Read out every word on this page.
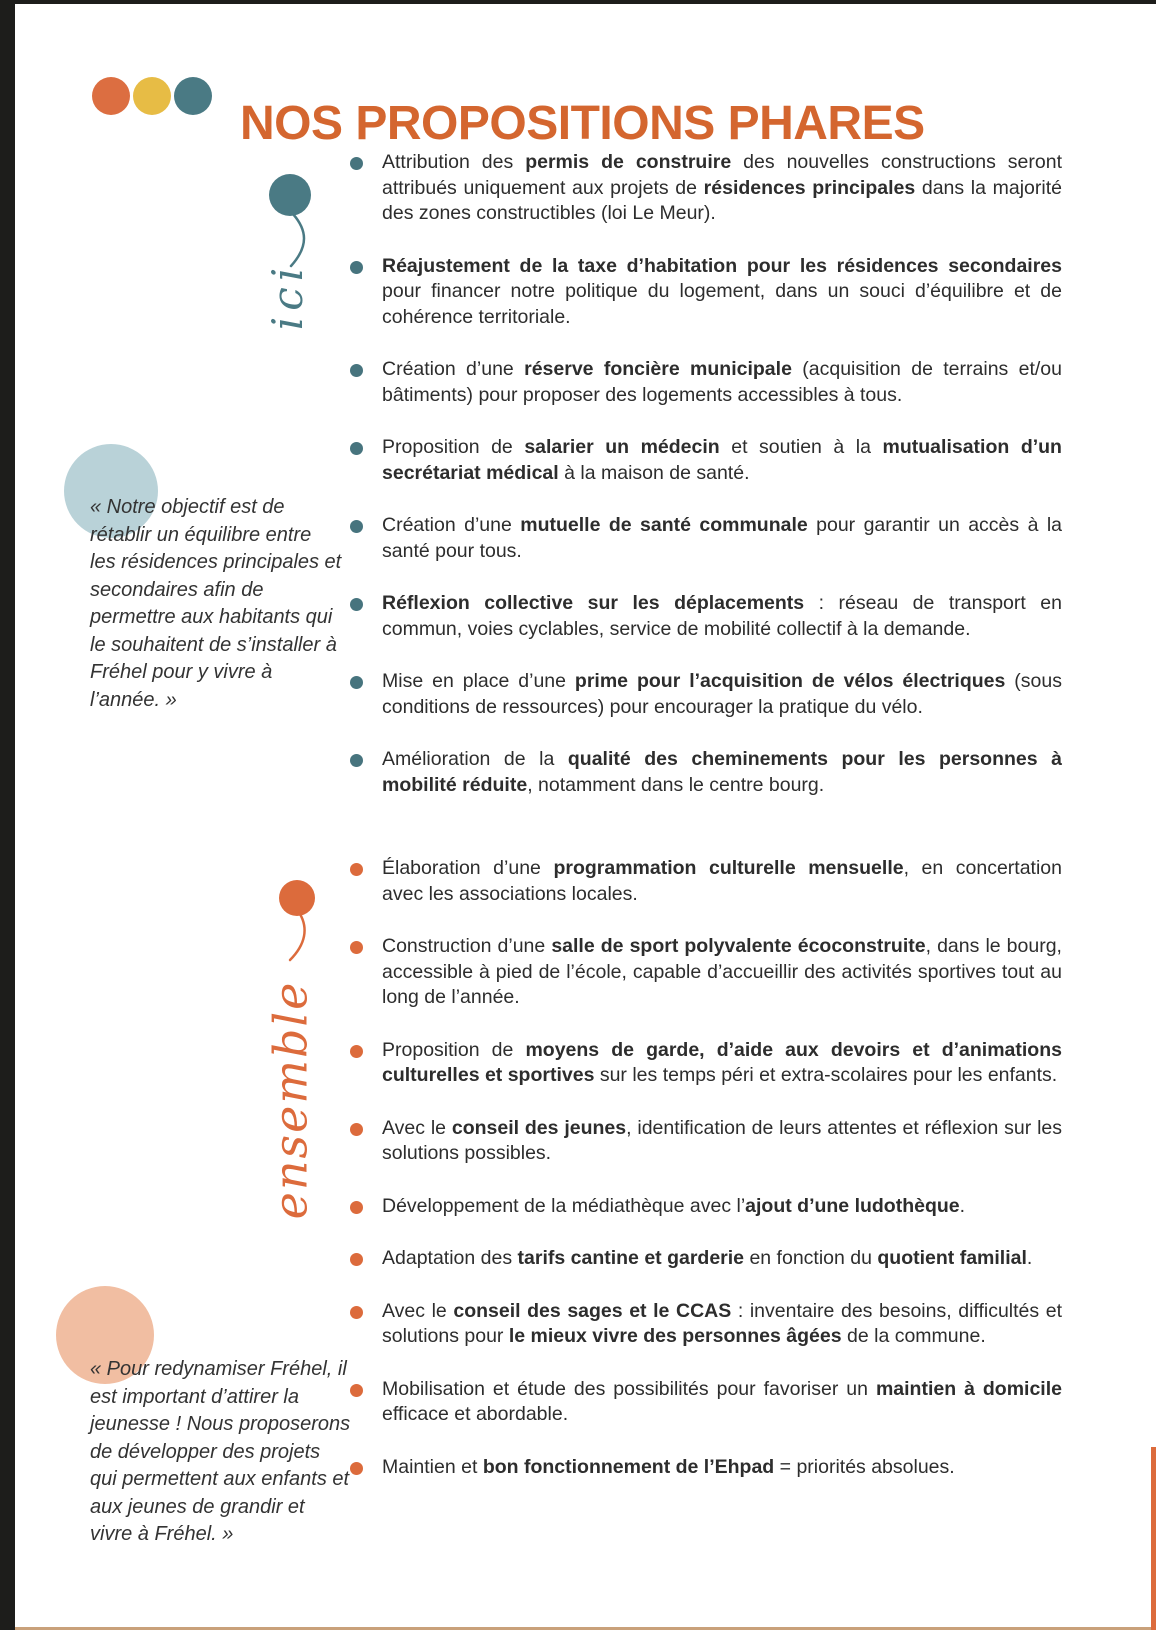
NOS PROPOSITIONS PHARES
ici
ensemble

« Notre objectif est de rétablir un équilibre entre les résidences principales et secondaires afin de permettre aux habitants qui le souhaitent de s’installer à Fréhel pour y vivre à l’année. »

« Pour redynamiser Fréhel, il est important d’attirer la jeunesse ! Nous proposerons de développer des projets qui permettent aux enfants et aux jeunes de grandir et vivre à Fréhel. »

Attribution des permis de construire des nouvelles constructions seront attribués uniquement aux projets de résidences principales dans la majorité des zones constructibles (loi Le Meur).

Réajustement de la taxe d’habitation pour les résidences secondaires pour financer notre politique du logement, dans un souci d’équilibre et de cohérence territoriale.

Création d’une réserve foncière municipale (acquisition de terrains et/ou bâtiments) pour proposer des logements accessibles à tous.

Proposition de salarier un médecin et soutien à la mutualisation d’un secrétariat médical à la maison de santé.

Création d’une mutuelle de santé communale pour garantir un accès à la santé pour tous.

Réflexion collective sur les déplacements : réseau de transport en commun, voies cyclables, service de mobilité collectif à la demande.

Mise en place d’une prime pour l’acquisition de vélos électriques (sous conditions de ressources) pour encourager la pratique du vélo.

Amélioration de la qualité des cheminements pour les personnes à mobilité réduite, notamment dans le centre bourg.

Élaboration d’une programmation culturelle mensuelle, en concertation avec les associations locales.

Construction d’une salle de sport polyvalente écoconstruite, dans le bourg, accessible à pied de l’école, capable d’accueillir des activités sportives tout au long de l’année.

Proposition de moyens de garde, d’aide aux devoirs et d’animations culturelles et sportives sur les temps péri et extra-scolaires pour les enfants.

Avec le conseil des jeunes, identification de leurs attentes et réflexion sur les solutions possibles.

Développement de la médiathèque avec l’ajout d’une ludothèque.

Adaptation des tarifs cantine et garderie en fonction du quotient familial.

Avec le conseil des sages et le CCAS : inventaire des besoins, difficultés et solutions pour le mieux vivre des personnes âgées de la commune.

Mobilisation et étude des possibilités pour favoriser un maintien à domicile efficace et abordable.

Maintien et bon fonctionnement de l’Ehpad = priorités absolues.
